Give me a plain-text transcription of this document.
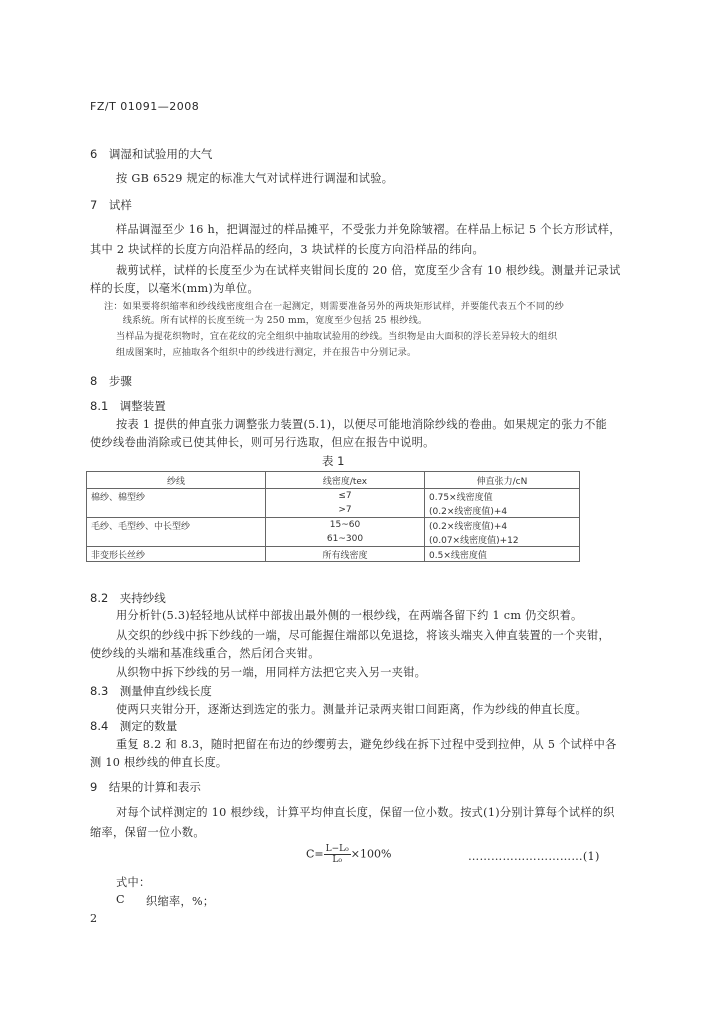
FZ/T 01091—2008
6　调湿和试验用的大气
按 GB 6529 规定的标准大气对试样进行调湿和试验。
7　试样
样品调湿至少 16 h，把调湿过的样品摊平，不受张力并免除皱褶。在样品上标记 5 个长方形试样，
其中 2 块试样的长度方向沿样品的经向，3 块试样的长度方向沿样品的纬向。
裁剪试样，试样的长度至少为在试样夹钳间长度的 20 倍，宽度至少含有 10 根纱线。测量并记录试
样的长度，以毫米(mm)为单位。
注：如果要将织缩率和纱线线密度组合在一起测定，则需要准备另外的两块矩形试样，并要能代表五个不同的纱
　　线系统。所有试样的长度至统一为 250 mm，宽度至少包括 25 根纱线。
当样品为提花织物时，宜在花纹的完全组织中抽取试验用的纱线。当织物是由大面积的浮长差异较大的组织
组成图案时，应抽取各个组织中的纱线进行测定，并在报告中分别记录。
8　步骤
8.1　调整装置
按表 1 提供的伸直张力调整张力装置(5.1)，以便尽可能地消除纱线的卷曲。如果规定的张力不能
使纱线卷曲消除或已使其伸长，则可另行选取，但应在报告中说明。
表 1
纱线	线密度/tex	伸直张力/cN
棉纱、棉型纱	≤7	0.75×线密度值
	>7	(0.2×线密度值)+4
毛纱、毛型纱、中长型纱	15~60	(0.2×线密度值)+4
	61~300	(0.07×线密度值)+12
非变形长丝纱	所有线密度	0.5×线密度值
8.2　夹持纱线
用分析针(5.3)轻轻地从试样中部拔出最外侧的一根纱线，在两端各留下约 1 cm 仍交织着。
从交织的纱线中拆下纱线的一端，尽可能握住端部以免退捻，将该头端夹入伸直装置的一个夹钳，
使纱线的头端和基准线重合，然后闭合夹钳。
从织物中拆下纱线的另一端，用同样方法把它夹入另一夹钳。
8.3　测量伸直纱线长度
使两只夹钳分开，逐渐达到选定的张力。测量并记录两夹钳口间距离，作为纱线的伸直长度。
8.4　测定的数量
重复 8.2 和 8.3，随时把留在布边的纱缨剪去，避免纱线在拆下过程中受到拉伸，从 5 个试样中各
测 10 根纱线的伸直长度。
9　结果的计算和表示
对每个试样测定的 10 根纱线，计算平均伸直长度，保留一位小数。按式(1)分别计算每个试样的织
缩率，保留一位小数。
$C= \frac{\text{L−L₀}}{\text{L₀}} \times 100\%$	…………………………(1)
式中：
C 织缩率，%；
2
